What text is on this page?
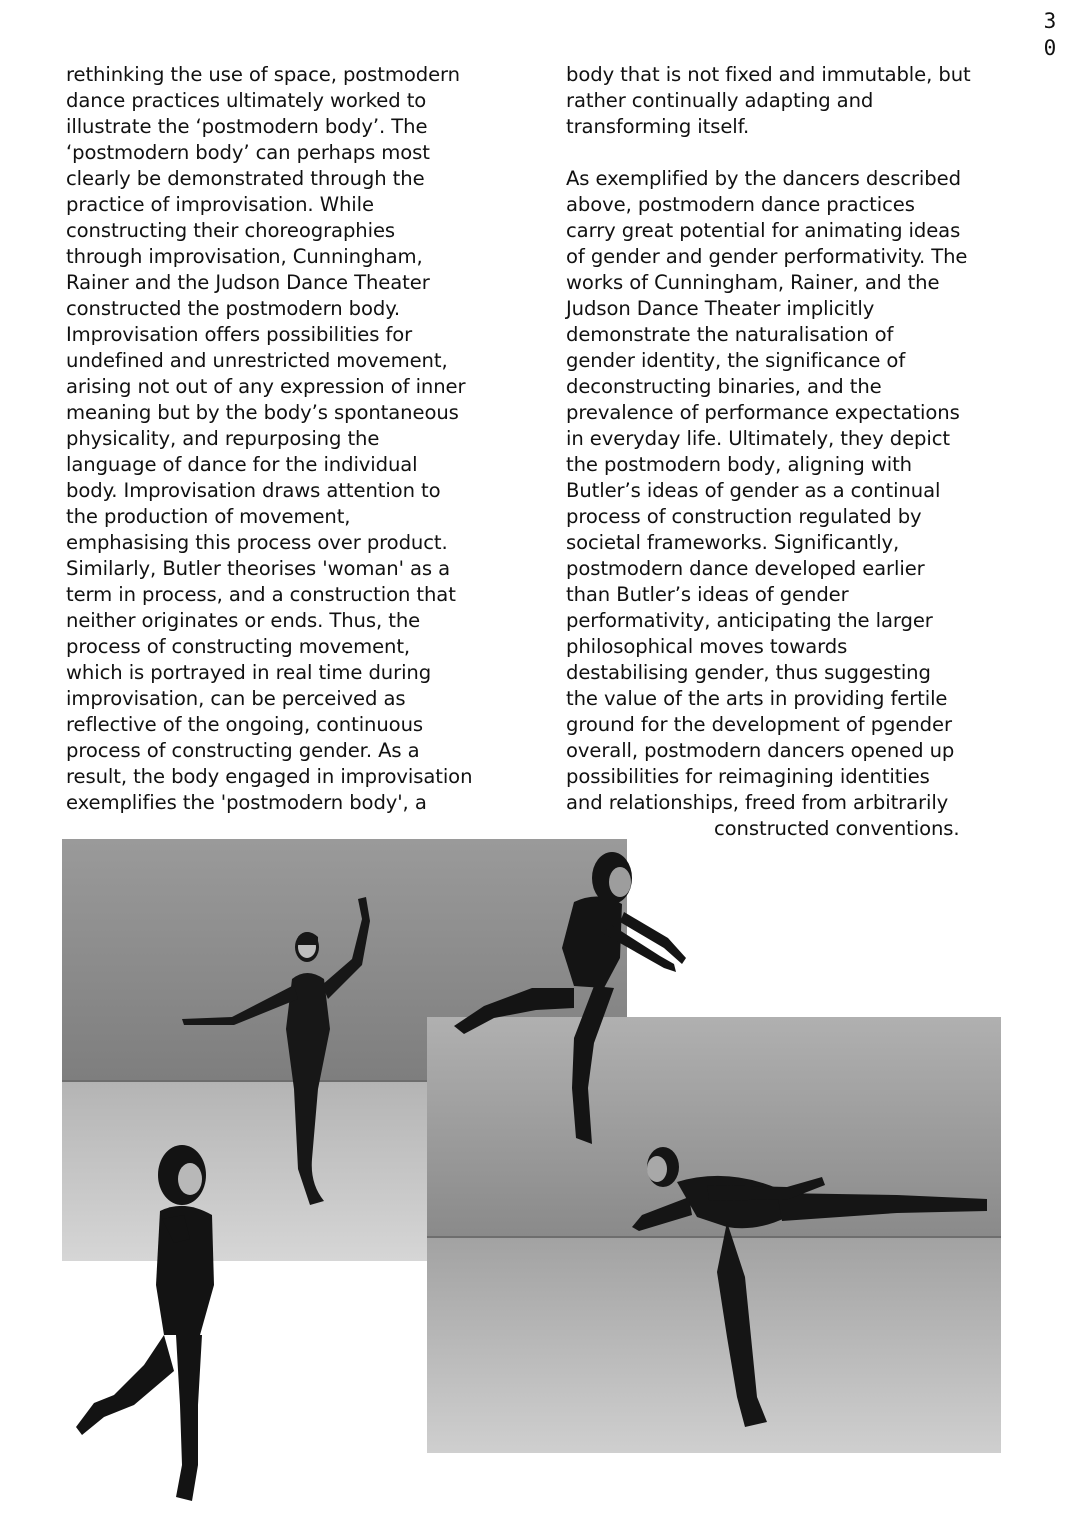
3
0
rethinking the use of space, postmodern
dance practices ultimately worked to
illustrate the ‘postmodern body’. The
‘postmodern body’ can perhaps most
clearly be demonstrated through the
practice of improvisation. While
constructing their choreographies
through improvisation, Cunningham,
Rainer and the Judson Dance Theater
constructed the postmodern body.
Improvisation offers possibilities for
undefined and unrestricted movement,
arising not out of any expression of inner
meaning but by the body’s spontaneous
physicality, and repurposing the
language of dance for the individual
body. Improvisation draws attention to
the production of movement,
emphasising this process over product.
Similarly, Butler theorises 'woman' as a
term in process, and a construction that
neither originates or ends. Thus, the
process of constructing movement,
which is portrayed in real time during
improvisation, can be perceived as
reflective of the ongoing, continuous
process of constructing gender. As a
result, the body engaged in improvisation
exemplifies the 'postmodern body', a
body that is not fixed and immutable, but
rather continually adapting and
transforming itself.
As exemplified by the dancers described
above, postmodern dance practices
carry great potential for animating ideas
of gender and gender performativity. The
works of Cunningham, Rainer, and the
Judson Dance Theater implicitly
demonstrate the naturalisation of
gender identity, the significance of
deconstructing binaries, and the
prevalence of performance expectations
in everyday life. Ultimately, they depict
the postmodern body, aligning with
Butler’s ideas of gender as a continual
process of construction regulated by
societal frameworks. Significantly,
postmodern dance developed earlier
than Butler’s ideas of gender
performativity, anticipating the larger
philosophical moves towards
destabilising gender, thus suggesting
the value of the arts in providing fertile
ground for the development of pgender
overall, postmodern dancers opened up
possibilities for reimagining identities
and relationships, freed from arbitrarily
constructed conventions.
